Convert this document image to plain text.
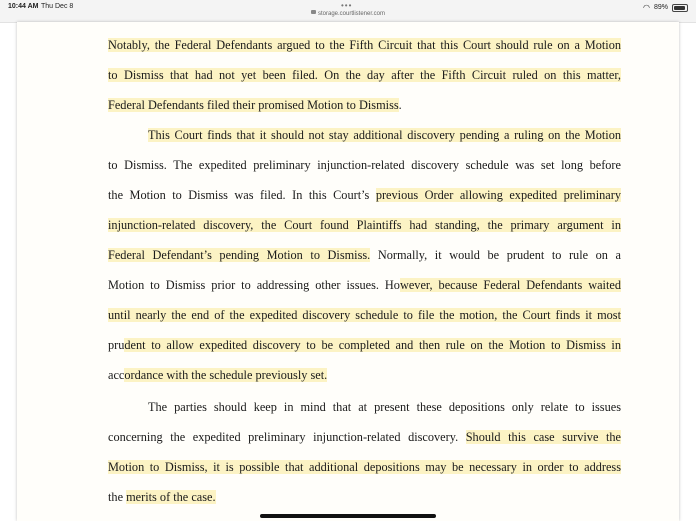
10:44 AM Thu Dec 8	•••
storage.courtlistener.com
◠ 89%
Notably, the Federal Defendants argued to the Fifth Circuit that this Court should rule on a Motion
to Dismiss that had not yet been filed. On the day after the Fifth Circuit ruled on this matter,
Federal Defendants filed their promised Motion to Dismiss.
This Court finds that it should not stay additional discovery pending a ruling on the Motion
to Dismiss. The expedited preliminary injunction-related discovery schedule was set long before
the Motion to Dismiss was filed. In this Court’s previous Order allowing expedited preliminary
injunction-related discovery, the Court found Plaintiffs had standing, the primary argument in
Federal Defendant’s pending Motion to Dismiss. Normally, it would be prudent to rule on a
Motion to Dismiss prior to addressing other issues. However, because Federal Defendants waited
until nearly the end of the expedited discovery schedule to file the motion, the Court finds it most
prudent to allow expedited discovery to be completed and then rule on the Motion to Dismiss in
accordance with the schedule previously set.
The parties should keep in mind that at present these depositions only relate to issues
concerning the expedited preliminary injunction-related discovery. Should this case survive the
Motion to Dismiss, it is possible that additional depositions may be necessary in order to address
the merits of the case.
